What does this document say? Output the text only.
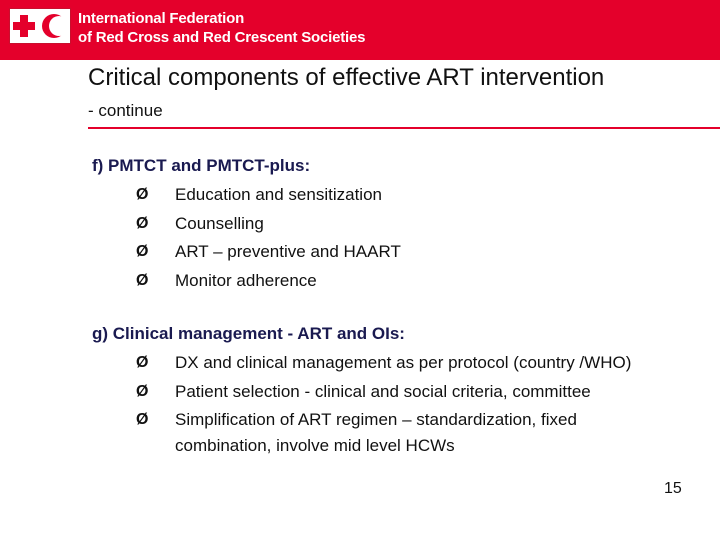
International Federation
of Red Cross and Red Crescent Societies
Critical components of effective ART intervention
- continue
f) PMTCT and PMTCT-plus:
Ø Education and sensitization
Ø Counselling
Ø ART – preventive and HAART
Ø Monitor adherence
g) Clinical management - ART and OIs:
Ø DX and clinical management as per protocol (country /WHO)
Ø Patient selection - clinical and social criteria, committee
Ø Simplification of ART regimen – standardization, fixed
combination, involve mid level HCWs
15
